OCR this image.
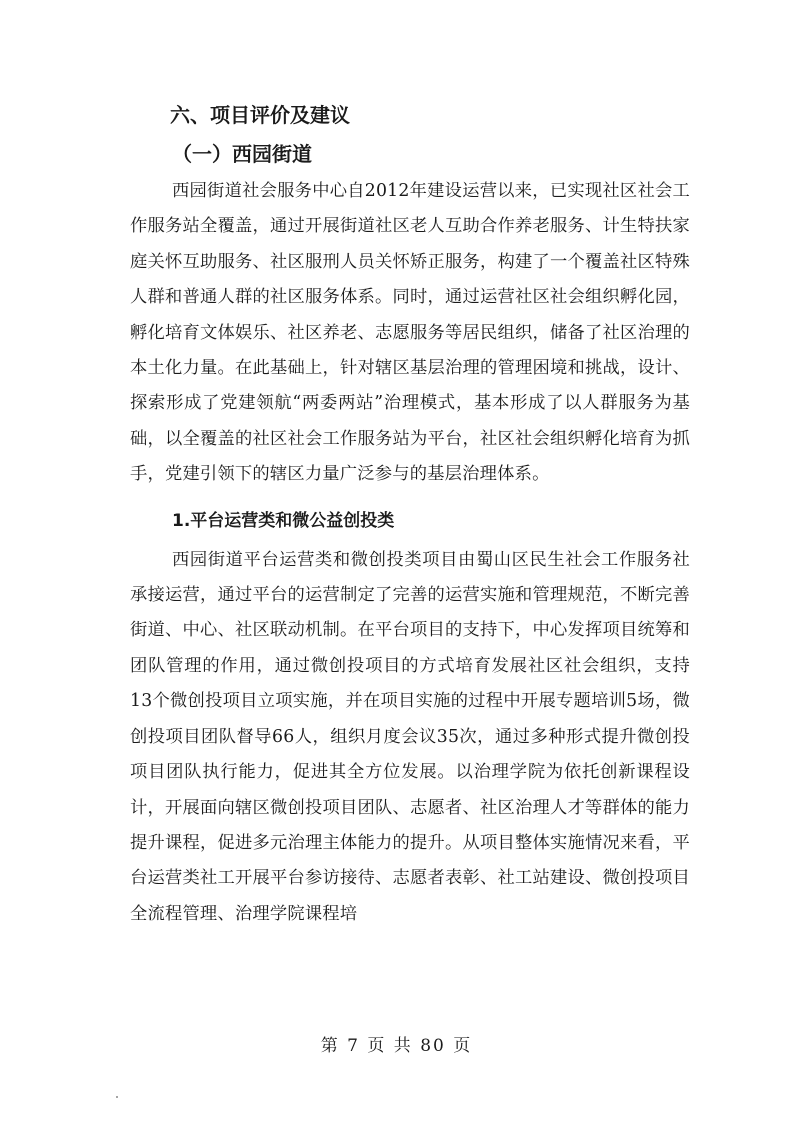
六、项目评价及建议
（一）西园街道

西园街道社会服务中心自2012年建设运营以来，已实现社区社会工作服务站全覆盖，通过开展街道社区老人互助合作养老服务、计生特扶家庭关怀互助服务、社区服刑人员关怀矫正服务，构建了一个覆盖社区特殊人群和普通人群的社区服务体系。同时，通过运营社区社会组织孵化园，孵化培育文体娱乐、社区养老、志愿服务等居民组织，储备了社区治理的本土化力量。在此基础上，针对辖区基层治理的管理困境和挑战，设计、探索形成了党建领航“两委两站”治理模式，基本形成了以人群服务为基础，以全覆盖的社区社会工作服务站为平台，社区社会组织孵化培育为抓手，党建引领下的辖区力量广泛参与的基层治理体系。

1.平台运营类和微公益创投类

西园街道平台运营类和微创投类项目由蜀山区民生社会工作服务社承接运营，通过平台的运营制定了完善的运营实施和管理规范，不断完善街道、中心、社区联动机制。在平台项目的支持下，中心发挥项目统筹和团队管理的作用，通过微创投项目的方式培育发展社区社会组织，支持13个微创投项目立项实施，并在项目实施的过程中开展专题培训5场，微创投项目团队督导66人，组织月度会议35次，通过多种形式提升微创投项目团队执行能力，促进其全方位发展。以治理学院为依托创新课程设计，开展面向辖区微创投项目团队、志愿者、社区治理人才等群体的能力提升课程，促进多元治理主体能力的提升。从项目整体实施情况来看，平台运营类社工开展平台参访接待、志愿者表彰、社工站建设、微创投项目全流程管理、治理学院课程培

第 7 页 共 80 页
